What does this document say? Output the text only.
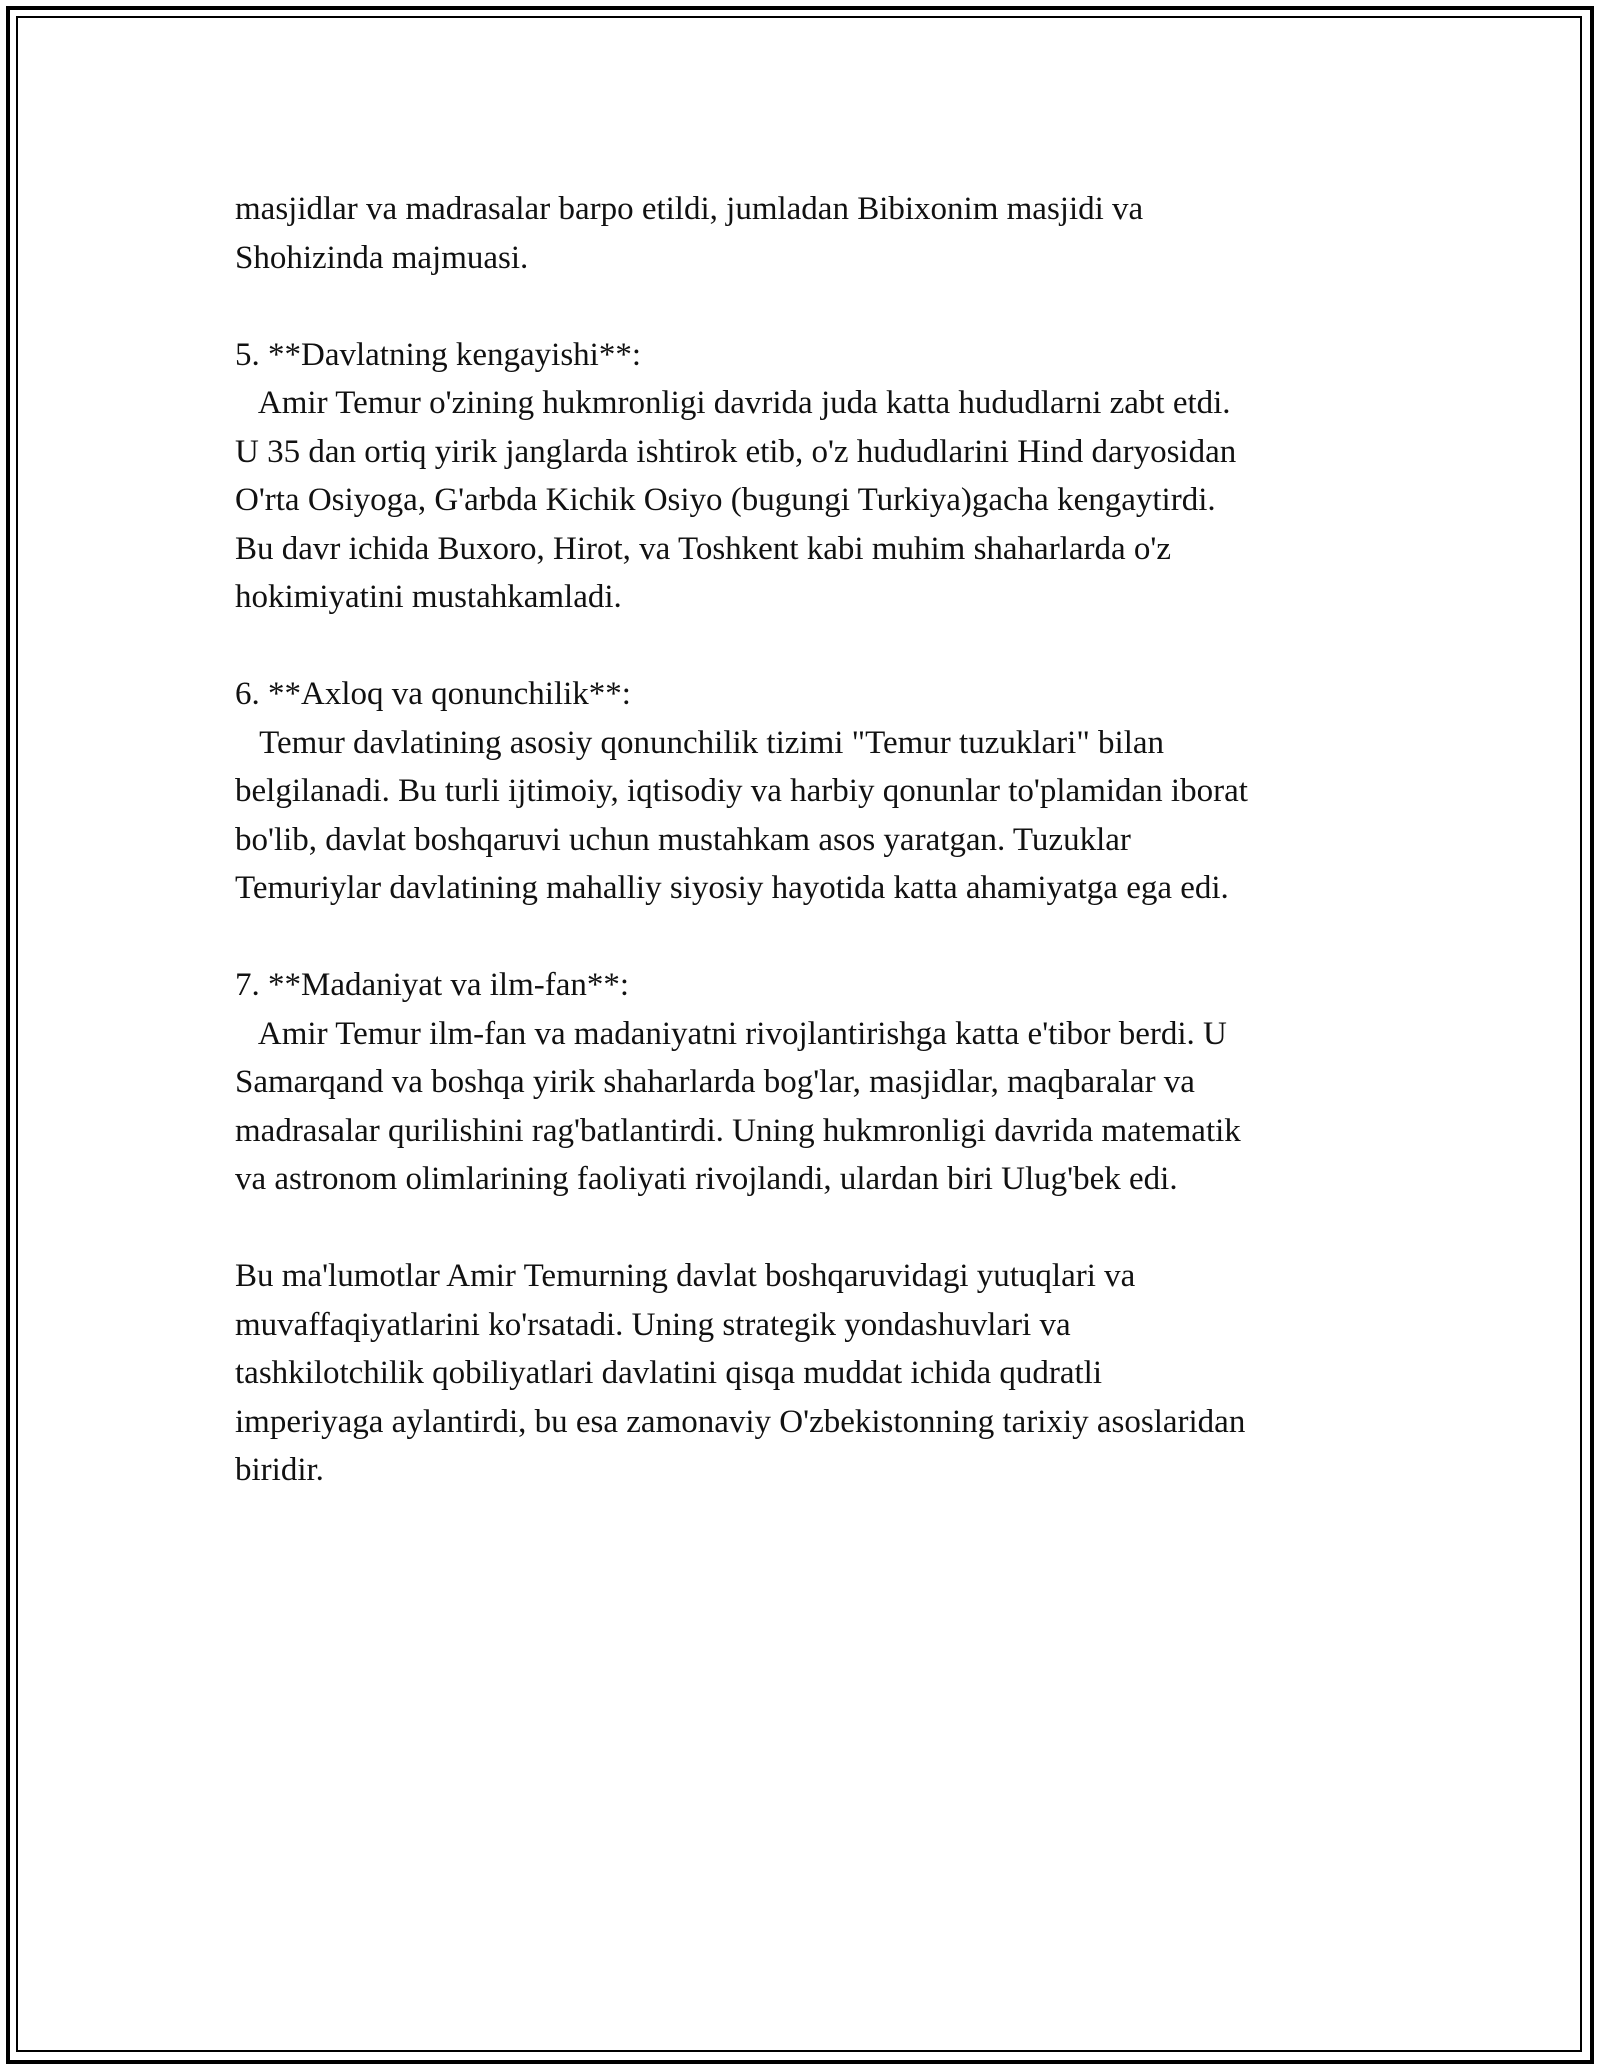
masjidlar va madrasalar barpo etildi, jumladan Bibixonim masjidi va
Shohizinda majmuasi.
5. **Davlatning kengayishi**:
Amir Temur o'zining hukmronligi davrida juda katta hududlarni zabt etdi.
U 35 dan ortiq yirik janglarda ishtirok etib, o'z hududlarini Hind daryosidan
O'rta Osiyoga, G'arbda Kichik Osiyo (bugungi Turkiya)gacha kengaytirdi.
Bu davr ichida Buxoro, Hirot, va Toshkent kabi muhim shaharlarda o'z
hokimiyatini mustahkamladi.
6. **Axloq va qonunchilik**:
Temur davlatining asosiy qonunchilik tizimi "Temur tuzuklari" bilan
belgilanadi. Bu turli ijtimoiy, iqtisodiy va harbiy qonunlar to'plamidan iborat
bo'lib, davlat boshqaruvi uchun mustahkam asos yaratgan. Tuzuklar
Temuriylar davlatining mahalliy siyosiy hayotida katta ahamiyatga ega edi.
7. **Madaniyat va ilm-fan**:
Amir Temur ilm-fan va madaniyatni rivojlantirishga katta e'tibor berdi. U
Samarqand va boshqa yirik shaharlarda bog'lar, masjidlar, maqbaralar va
madrasalar qurilishini rag'batlantirdi. Uning hukmronligi davrida matematik
va astronom olimlarining faoliyati rivojlandi, ulardan biri Ulug'bek edi.
Bu ma'lumotlar Amir Temurning davlat boshqaruvidagi yutuqlari va
muvaffaqiyatlarini ko'rsatadi. Uning strategik yondashuvlari va
tashkilotchilik qobiliyatlari davlatini qisqa muddat ichida qudratli
imperiyaga aylantirdi, bu esa zamonaviy O'zbekistonning tarixiy asoslaridan
biridir.
